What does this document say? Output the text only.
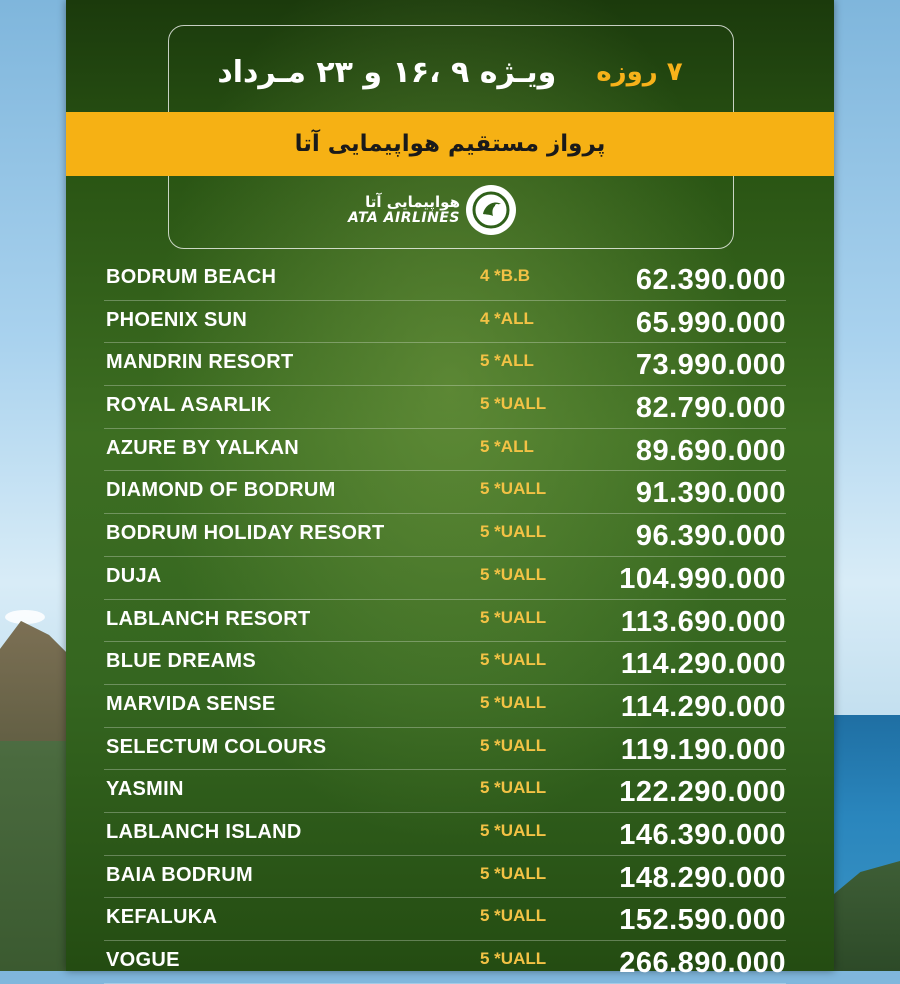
۷ روزه
ویـژه ۹ ،۱۶ و ۲۳ مـرداد
پرواز مستقیم هواپیمایی آتا
هواپیمایی آتا
ATA AIRLINES
BODRUM BEACH	4 *B.B	62.390.000
PHOENIX SUN	4 *ALL	65.990.000
MANDRIN RESORT	5 *ALL	73.990.000
ROYAL ASARLIK	5 *UALL	82.790.000
AZURE BY YALKAN	5 *ALL	89.690.000
DIAMOND OF BODRUM	5 *UALL	91.390.000
BODRUM HOLIDAY RESORT	5 *UALL	96.390.000
DUJA	5 *UALL	104.990.000
LABLANCH RESORT	5 *UALL	113.690.000
BLUE DREAMS	5 *UALL	114.290.000
MARVIDA SENSE	5 *UALL	114.290.000
SELECTUM COLOURS	5 *UALL	119.190.000
YASMIN	5 *UALL	122.290.000
LABLANCH ISLAND	5 *UALL	146.390.000
BAIA BODRUM	5 *UALL	148.290.000
KEFALUKA	5 *UALL	152.590.000
VOGUE	5 *UALL	266.890.000
